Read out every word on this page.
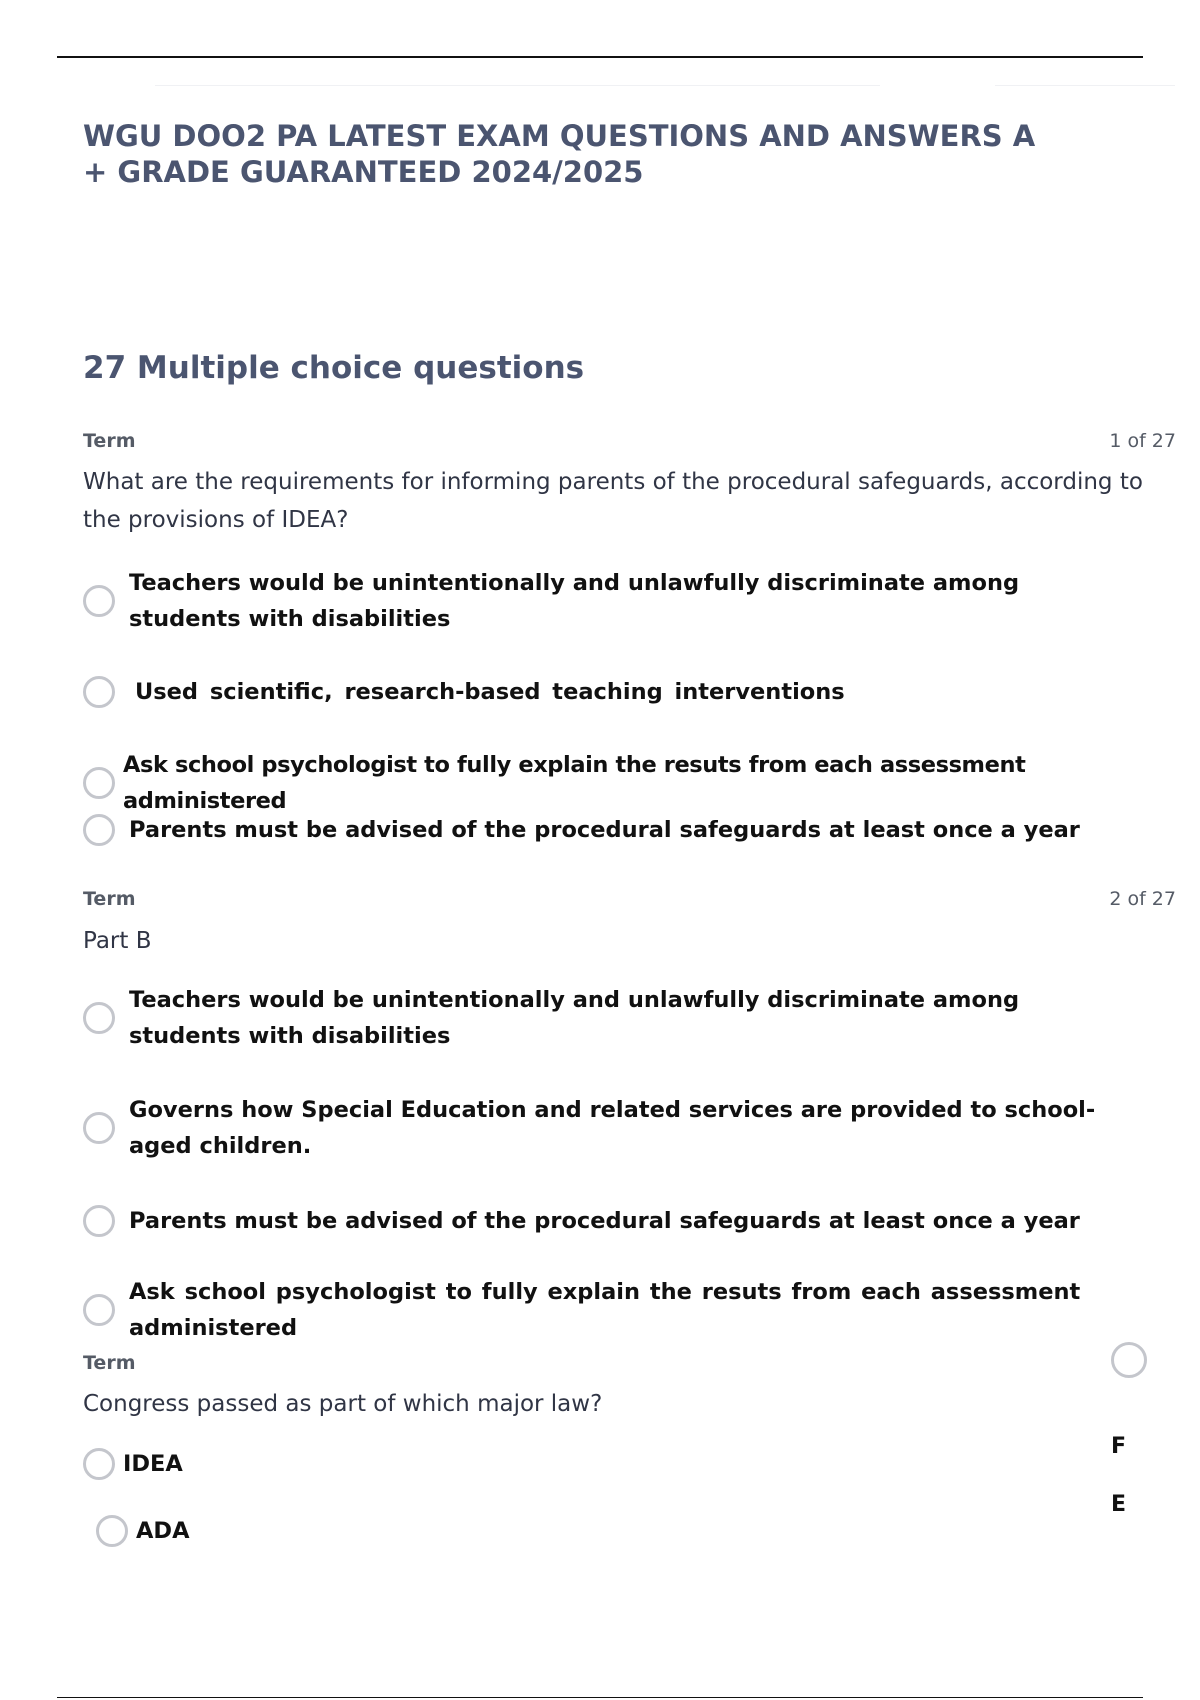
WGU DOO2 PA LATEST EXAM QUESTIONS AND ANSWERS A + GRADE GUARANTEED 2024/2025
27 Multiple choice questions
Term	1 of 27
What are the requirements for informing parents of the procedural safeguards, according to the provisions of IDEA?
Teachers would be unintentionally and unlawfully discriminate among students with disabilities
Used scientific, research-based teaching interventions
Ask school psychologist to fully explain the resuts from each assessment administered
Parents must be advised of the procedural safeguards at least once a year
Term	2 of 27
Part B
Teachers would be unintentionally and unlawfully discriminate among students with disabilities
Governs how Special Education and related services are provided to school-aged children.
Parents must be advised of the procedural safeguards at least once a year
Ask school psychologist to fully explain the resuts from each assessment administered
Term
Congress passed as part of which major law?
IDEA
ADA
F
E
